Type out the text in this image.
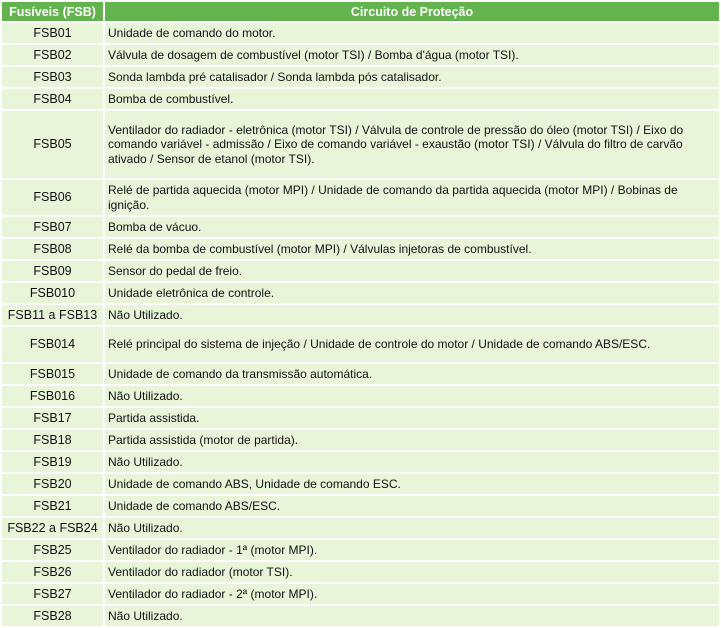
Fusíveis (FSB)	Circuito de Proteção
FSB01	Unidade de comando do motor.
FSB02	Válvula de dosagem de combustível (motor TSI) / Bomba d'água (motor TSI).
FSB03	Sonda lambda pré catalisador / Sonda lambda pós catalisador.
FSB04	Bomba de combustível.
FSB05	Ventilador do radiador - eletrônica (motor TSI) / Válvula de controle de pressão do óleo (motor TSI) / Eixo do comando variável - admissão / Eixo de comando variável - exaustão (motor TSI) / Válvula do filtro de carvão ativado / Sensor de etanol (motor TSI).
FSB06	Relé de partida aquecida (motor MPI) / Unidade de comando da partida aquecida (motor MPI) / Bobinas de ignição.
FSB07	Bomba de vácuo.
FSB08	Relé da bomba de combustível (motor MPI) / Válvulas injetoras de combustível.
FSB09	Sensor do pedal de freio.
FSB010	Unidade eletrônica de controle.
FSB11 a FSB13	Não Utilizado.
FSB014	Relé principal do sistema de injeção / Unidade de controle do motor / Unidade de comando ABS/ESC.
FSB015	Unidade de comando da transmissão automática.
FSB016	Não Utilizado.
FSB17	Partida assistida.
FSB18	Partida assistida (motor de partida).
FSB19	Não Utilizado.
FSB20	Unidade de comando ABS, Unidade de comando ESC.
FSB21	Unidade de comando ABS/ESC.
FSB22 a FSB24	Não Utilizado.
FSB25	Ventilador do radiador - 1ª (motor MPI).
FSB26	Ventilador do radiador (motor TSI).
FSB27	Ventilador do radiador - 2ª (motor MPI).
FSB28	Não Utilizado.
